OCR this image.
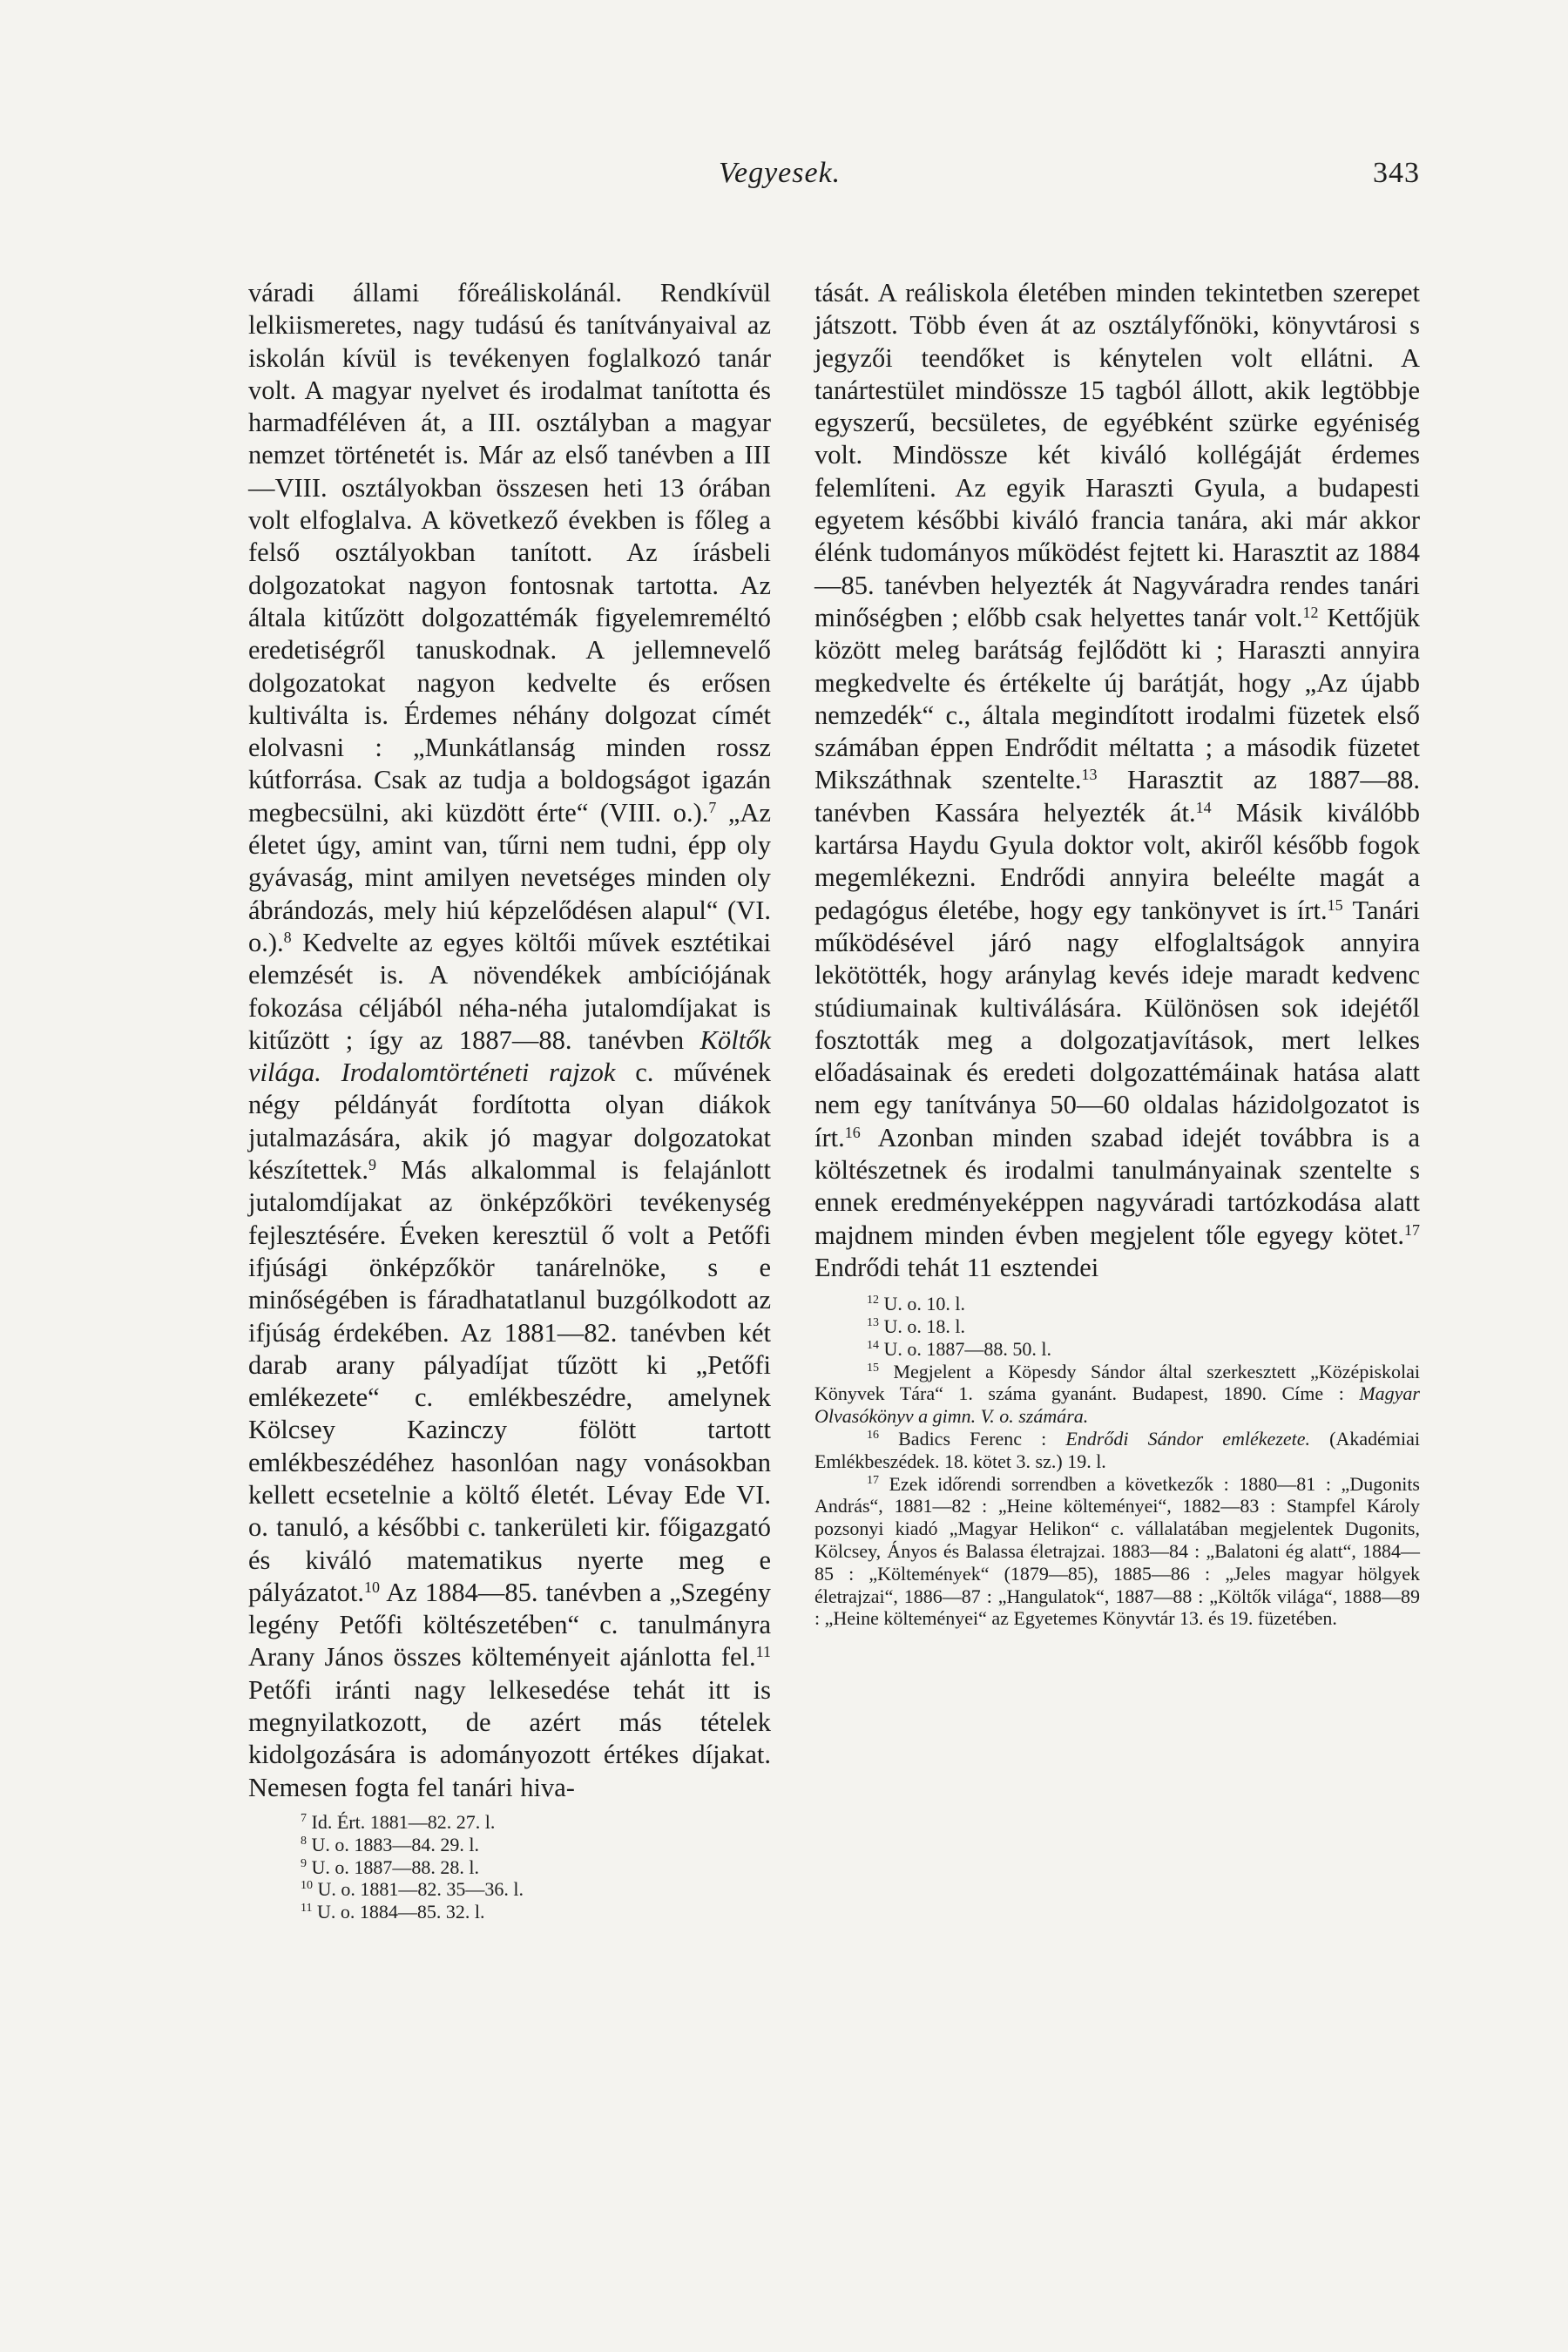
Vegyesek.	343
váradi állami főreáliskolánál. Rendkívül lelkiismeretes, nagy tudású és tanítványaival az iskolán kívül is tevékenyen foglalkozó tanár volt. A magyar nyelvet és irodalmat tanította és harmadféléven át, a III. osztályban a magyar nemzet történetét is. Már az első tanévben a III—VIII. osztályokban összesen heti 13 órában volt elfoglalva. A következő években is főleg a felső osztályokban tanított. Az írásbeli dolgozatokat nagyon fontosnak tartotta. Az általa kitűzött dolgozattémák figyelemreméltó eredetiségről tanuskodnak. A jellemnevelő dolgozatokat nagyon kedvelte és erősen kultiválta is. Érdemes néhány dolgozat címét elolvasni : „Munkátlanság minden rossz kútforrása. Csak az tudja a boldogságot igazán megbecsülni, aki küzdött érte“ (VIII. o.).$^7$ „Az életet úgy, amint van, tűrni nem tudni, épp oly gyávaság, mint amilyen nevetséges minden oly ábrándozás, mely hiú képzelődésen alapul“ (VI. o.).$^8$ Kedvelte az egyes költői művek esztétikai elemzését is. A növendékek ambíciójának fokozása céljából néha-néha jutalomdíjakat is kitűzött ; így az 1887—88. tanévben Költők világa. Irodalomtörténeti rajzok c. művének négy példányát fordította olyan diákok jutalmazására, akik jó magyar dolgozatokat készítettek.$^9$ Más alkalommal is felajánlott jutalomdíjakat az önképzőköri tevékenység fejlesztésére. Éveken keresztül ő volt a Petőfi ifjúsági önképzőkör tanárelnöke, s e minőségében is fáradhatatlanul buzgólkodott az ifjúság érdekében. Az 1881—82. tanévben két darab arany pályadíjat tűzött ki „Petőfi emlékezete“ c. emlékbeszédre, amelynek Kölcsey Kazinczy fölött tartott emlékbeszédéhez hasonlóan nagy vonásokban kellett ecsetelnie a költő életét. Lévay Ede VI. o. tanuló, a későbbi c. tankerületi kir. főigazgató és kiváló matematikus nyerte meg e pályázatot.$^{10}$ Az 1884—85. tanévben a „Szegény legény Petőfi költészetében“ c. tanulmányra Arany János összes költeményeit ajánlotta fel.$^{11}$ Petőfi iránti nagy lelkesedése tehát itt is megnyilatkozott, de azért más tételek kidolgozására is adományozott értékes díjakat. Nemesen fogta fel tanári hiva-
$^7$ Id. Ért. 1881—82. 27. l.
$^8$ U. o. 1883—84. 29. l.
$^9$ U. o. 1887—88. 28. l.
$^{10}$ U. o. 1881—82. 35—36. l.
$^{11}$ U. o. 1884—85. 32. l.
tását. A reáliskola életében minden tekintetben szerepet játszott. Több éven át az osztályfőnöki, könyvtárosi s jegyzői teendőket is kénytelen volt ellátni. A tanártestület mindössze 15 tagból állott, akik legtöbbje egyszerű, becsületes, de egyébként szürke egyéniség volt. Mindössze két kiváló kollégáját érdemes felemlíteni. Az egyik Haraszti Gyula, a budapesti egyetem későbbi kiváló francia tanára, aki már akkor élénk tudományos működést fejtett ki. Harasztit az 1884—85. tanévben helyezték át Nagyváradra rendes tanári minőségben ; előbb csak helyettes tanár volt.$^{12}$ Kettőjük között meleg barátság fejlődött ki ; Haraszti annyira megkedvelte és értékelte új barátját, hogy „Az újabb nemzedék“ c., általa megindított irodalmi füzetek első számában éppen Endrődit méltatta ; a második füzetet Mikszáthnak szentelte.$^{13}$ Harasztit az 1887—88. tanévben Kassára helyezték át.$^{14}$ Másik kiválóbb kartársa Haydu Gyula doktor volt, akiről később fogok megemlékezni. Endrődi annyira beleélte magát a pedagógus életébe, hogy egy tankönyvet is írt.$^{15}$ Tanári működésével járó nagy elfoglaltságok annyira lekötötték, hogy aránylag kevés ideje maradt kedvenc stúdiumainak kultiválására. Különösen sok idejétől fosztották meg a dolgozatjavítások, mert lelkes előadásainak és eredeti dolgozattémáinak hatása alatt nem egy tanítványa 50—60 oldalas házidolgozatot is írt.$^{16}$ Azonban minden szabad idejét továbbra is a költészetnek és irodalmi tanulmányainak szentelte s ennek eredményeképpen nagyváradi tartózkodása alatt majdnem minden évben megjelent tőle egyegy kötet.$^{17}$ Endrődi tehát 11 esztendei
$^{12}$ U. o. 10. l.
$^{13}$ U. o. 18. l.
$^{14}$ U. o. 1887—88. 50. l.
$^{15}$ Megjelent a Köpesdy Sándor által szerkesztett „Középiskolai Könyvek Tára“ 1. száma gyanánt. Budapest, 1890. Címe : Magyar Olvasókönyv a gimn. V. o. számára.
$^{16}$ Badics Ferenc : Endrődi Sándor emlékezete. (Akadémiai Emlékbeszédek. 18. kötet 3. sz.) 19. l.
$^{17}$ Ezek időrendi sorrendben a következők : 1880—81 : „Dugonits András“, 1881—82 : „Heine költeményei“, 1882—83 : Stampfel Károly pozsonyi kiadó „Magyar Helikon“ c. vállalatában megjelentek Dugonits, Kölcsey, Ányos és Balassa életrajzai. 1883—84 : „Balatoni ég alatt“, 1884—85 : „Költemények“ (1879—85), 1885—86 : „Jeles magyar hölgyek életrajzai“, 1886—87 : „Hangulatok“, 1887—88 : „Költők világa“, 1888—89 : „Heine költeményei“ az Egyetemes Könyvtár 13. és 19. füzetében.
